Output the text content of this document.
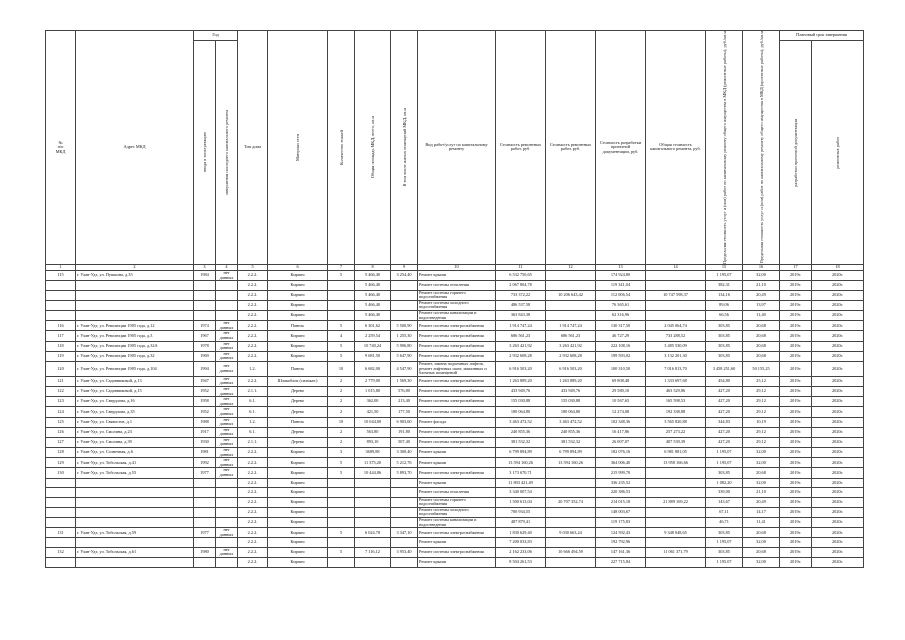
№
п/п
МКД	Адрес МКД	Год		Тип дома	Материал стен	Количество этажей	Общая площадь МКД, всего, кв.м	В том числе жилых помещений МКД, кв.м	Вид работ/услуг по капитальному ремонту	Стоимость ремонтных работ, руб.	Стоимость ремонтных работ, руб.	Стоимость разработки проектной документации, руб.	Общая стоимость капитального ремонта, руб.	Предельная стоимость услуг и (или) работ по капитальному ремонту общего имущества в МКД (ремонтные работы), руб./кв.м	Предельная стоимость услуг и (или) работ по капитальному ремонту общего имущества в МКД (проектные работы), руб./кв.м	Плановый срок завершения	

		ввода в эксплуатацию	завершения последнего капитального ремонта													разработки проектной документации	ремонтных работ

1	2	3	4	5	6	7	8	9	10	11	12	13	14	15	16	17	18
115	г. Улан-Удэ, ул. Пушкина, д.35	1984	нет данных	2.2.2.	Кирпич	5	5 466,40	3 254,40	Ремонт крыши	6 532 750,65		174 924,80		1 195,07	32,00	2019г.	2020г.
				2.2.2.	Кирпич		5 466,40		Ремонт системы отопления	2 067 804,78		119 341,04		382,31	21,10	2019г.	2020г.
				2.2.2.	Кирпич		5 466,40		Ремонт системы горячего водоснабжения	733 372,22	10 206 643,42	112 006,54	10 747 598,37	134,16	20,49	2019г.	2020г.
				2.2.2.	Кирпич		5 466,40		Ремонт системы холодного водоснабжения	486 537,58		76 365,61		89,06	13,97	2019г.	2020г.
				2.2.2.	Кирпич		5 466,40		Ремонт системы канализации и водоотведения	363 843,38		62 316,96		66,56	11,40	2019г.	2020г.
116	г. Улан-Удэ, ул. Революции 1905 года, д.12	1974	нет данных	2.2.2.	Панель	5	6 301,62	5 500,90	Ремонт системы электроснабжения	1 914 747,24	1 914 747,24	130 317,50	2 045 064,74	303,85	20,68	2019г.	2020г.
117	г. Улан-Удэ, ул. Революции 1905 года, д.3	1967	нет данных	2.2.2.	Кирпич	4	2 259,54	1 255,30	Ремонт системы электроснабжения	686 561,23	686 561,23	46 727,29	733 288,52	303,85	20,68	2019г.	2020г.
118	г. Улан-Удэ, ул. Революции 1905 года, д.32А	1978	нет данных	2.2.2.	Кирпич	5	10 740,24	5 906,80	Ремонт системы электроснабжения	3 263 421,92	3 263 421,92	222 108,16	3 485 530,09	303,85	20,68	2019г.	2020г.
119	г. Улан-Удэ, ул. Революции 1905 года, д.32	1969	нет данных	2.2.2.	Кирпич	5	9 681,50	5 647,90	Ремонт системы электроснабжения	2 932 608,28	2 932 608,28	199 593,02	3 132 201,30	303,85	20,68	2019г.	2020г.
120	г. Улан-Удэ, ул. Революции 1905 года, д.104	1994	нет данных	1.2.	Панель	10	6 682,00	4 547,90	Ремонт, замена подъемных лифтов, ремонт лифтовых шахт, машинных и блочных помещений	6 916 503,20	6 916 503,20	100 310,50	7 016 813,70	3 458 251,60	50 155,25	2019г.	2020г.
121	г. Улан-Удэ, ул. Садовниковой, д.13	1947	нет данных	2.2.2.	Шлакоблок (силикат.)	2	2 779,00	1 569,30	Ремонт системы электроснабжения	1 263 889,20	1 263 889,20	69 808,48	1 333 697,68	454,80	25,12	2019г.	2020г.
122	г. Улан-Удэ, ул. Садовниковой, д.15	1952	нет данных	2.1.1.	Дерево	2	1 015,80	576,80	Ремонт системы электроснабжения	433 949,76	433 949,76	29 580,10	463 529,86	427,20	29,12	2019г.	2020г.
123	г. Улан-Удэ, ул. Свердлова, д.16	1958	нет данных	6.1.	Дерево	2	362,00	213,40	Ремонт системы электроснабжения	155 030,88	155 030,88	10 567,65	165 598,53	427,20	29,12	2019г.	2020г.
124	г. Улан-Удэ, ул. Свердлова, д.35	1952	нет данных	6.1.	Дерево	2	421,50	177,50	Ремонт системы электроснабжения	180 064,80	180 064,80	12 274,08	192 338,88	427,20	29,12	2019г.	2020г.
125	г. Улан-Удэ, ул. Связистов, д.1	1988	нет данных	1.2.	Панель	10	10 044,00	6 903,60	Ремонт фасада	3 463 472,52	3 463 472,52	102 348,36	3 565 820,88	344,83	10,19	2019г.	2020г.
126	г. Улан-Удэ, ул. Смолина, д.23	1917	нет данных	6.1.	Дерево	2	563,80	191,80	Ремонт системы электроснабжения	240 855,36	240 855,36	16 417,86	257 273,22	427,20	29,12	2019г.	2020г.
127	г. Улан-Удэ, ул. Смолина, д.39	1930	нет данных	2.1.1.	Дерево	2	893,10	507,40	Ремонт системы электроснабжения	381 532,32	381 532,32	26 007,07	407 539,39	427,20	29,12	2019г.	2020г.
128	г. Улан-Удэ, ул. Солнечная, д.6	1981	нет данных	2.2.2.	Кирпич	3	3689,88	3 300,40	Ремонт крыши	6 799 894,89	6 799 894,89	182 076,16	6 981 881,05	1 195,07	32,00	2019г.	2020г.
129	г. Улан-Удэ, ул. Тобольская, д.41	1992	нет данных	2.2.2.	Кирпич	5	11 375,20	5 212,76	Ремонт крыши	13 594 160,26	13 594 160,26	364 006,40	13 958 166,66	1 195,07	32,00	2019г.	2020г.
130	г. Улан-Удэ, ул. Тобольская, д.55	1977	нет данных	2.2.2.	Кирпич	5	10 444,86	5 893,70	Ремонт системы электроснабжения	3 173 670,71		215 999,70		303,85	20,68	2019г.	2020г.
				2.2.2.	Кирпич				Ремонт крыши	11 803 421,49		336 235,52		1 082,20	32,00	2019г.	2020г.
				2.2.2.	Кирпич				Ремонт системы отопления	3 340 007,54		220 386,53		339,00	21,10	2019г.	2020г.
				2.2.2.	Кирпич				Ремонт системы горячего водоснабжения	1 500 613,04	20 707 352,74	214 015,18	21 889 169,22	143,67	20,49	2019г.	2020г.
				2.2.2.	Кирпич				Ремонт системы холодного водоснабжения	700 934,55		148 003,67		67,11	14,17	2019г.	2020г.
				2.2.2.	Кирпич				Ремонт системы канализации и водоотведения	487 879,41		119 175,83		46,71	11,41	2019г.	2020г.
131	г. Улан-Удэ, ул. Тобольская, д.59	1977	нет данных	2.2.2.	Кирпич	5	6 024,78	3 347,10	Ремонт системы электроснабжения	1 830 629,40	9 030 663,24	124 592,43	9 348 048,65	303,85	20,68	2019г.	2020г.
				2.2.2.	Кирпич				Ремонт крыши	7 200 033,83		192 792,96		1 195,07	32,00	2019г.	2020г.
132	г. Улан-Удэ, ул. Тобольская, д.61	1980	нет данных	2.2.2.	Кирпич	5	7 116,12	3 953,40	Ремонт системы электроснабжения	2 162 233,06	10 666 494,59	147 161,36	11 061 371,79	303,85	20,68	2019г.	2020г.
				2.2.2.	Кирпич				Ремонт крыши	8 504 261,53		227 715,84		1 195,07	32,00	2019г.	2020г.
